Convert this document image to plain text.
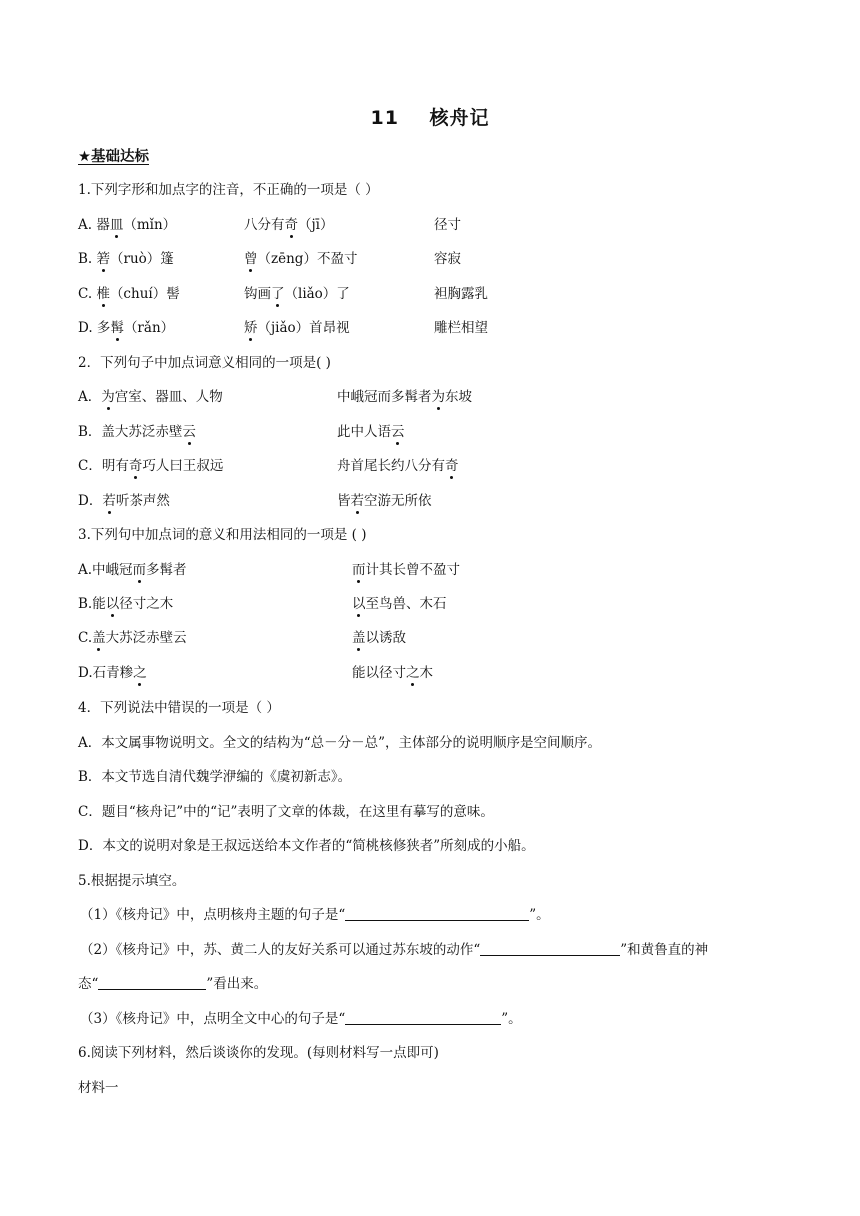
11    核舟记
★基础达标
1.下列字形和加点字的注音，不正确的一项是（ ）
A. 器皿（mǐn）	八分有奇（jī）	径寸
B. 箬（ruò）篷	曾（zēng）不盈寸	容寂
C. 椎（chuí）髻	钩画了（liǎo）了	袒胸露乳
D. 多髯（rǎn）	矫（jiǎo）首昂视	雕栏相望
2．下列句子中加点词意义相同的一项是( )
A．为宫室、器皿、人物	中峨冠而多髯者为东坡
B．盖大苏泛赤壁云	此中人语云
C．明有奇巧人曰王叔远	舟首尾长约八分有奇
D．若听茶声然	皆若空游无所依
3.下列句中加点词的意义和用法相同的一项是 ( )
A.中峨冠而多髯者	而计其长曾不盈寸
B.能以径寸之木	以至鸟兽、木石
C.盖大苏泛赤壁云	盖以诱敌
D.石青糁之	能以径寸之木
4．下列说法中错误的一项是（ ）
A．本文属事物说明文。全文的结构为“总－分－总”，主体部分的说明顺序是空间顺序。
B．本文节选自清代魏学洢编的《虞初新志》。
C．题目“核舟记”中的“记”表明了文章的体裁，在这里有摹写的意味。
D．本文的说明对象是王叔远送给本文作者的“简桃核修狭者”所刻成的小船。
5.根据提示填空。
（1）《核舟记》中，点明核舟主题的句子是“	”。
（2）《核舟记》中，苏、黄二人的友好关系可以通过苏东坡的动作“	”和黄鲁直的神
态“	”看出来。
（3）《核舟记》中，点明全文中心的句子是“	”。
6.阅读下列材料，然后谈谈你的发现。(每则材料写一点即可)
材料一
